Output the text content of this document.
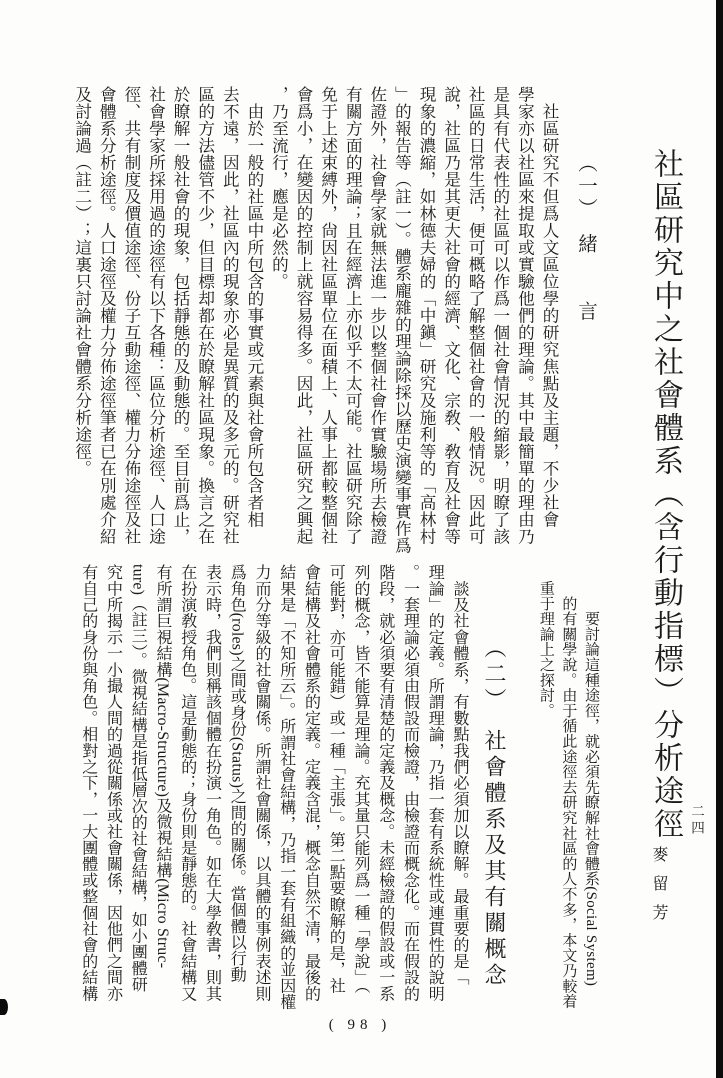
社區研究中之社會體系（含行動指標）分析途徑 二四
麥留芳
（一）　緒　　言
　社區研究不但爲人文區位學的研究焦點及主題，不少社會
學家亦以社區來提取或實驗他們的理論。其中最簡單的理由乃
是具有代表性的社區可以作爲一個社會情況的縮影，明瞭了該
社區的日常生活，便可概略了解整個社會的一般情況。因此可
說，社區乃是其更大社會的經濟、文化、宗敎、敎育及社會等
現象的濃縮，如林德夫婦的「中鎭」研究及施利等的「高林村
」的報告等（註一）。體系龐雜的理論除採以歷史演變事實作爲
佐證外，社會學家就無法進一步以整個社會作實驗場所去檢證
有關方面的理論；且在經濟上亦似乎不太可能。社區研究除了
免于上述束縛外，尙因社區單位在面積上、人事上都較整個社
會爲小，在變因的控制上就容易得多。因此，社區研究之興起
，乃至流行，應是必然的。
　由於一般的社區中所包含的事實或元素與社會所包含者相
去不遠，因此，社區內的現象亦必是異質的及多元的。研究社
區的方法儘管不少，但目標却都在於瞭解社區現象。換言之在
於瞭解一般社會的現象，包括靜態的及動態的。至目前爲止，
社會學家所採用過的途徑有以下各種：區位分析途徑、人口途
徑、共有制度及價值途徑、份子互動途徑、權力分佈途徑及社
會體系分析途徑。人口途徑及權力分佈途徑筆者已在別處介紹
及討論過（註二）；這裏只討論社會體系分析途徑。
　　　要討論這種途徑，就必須先瞭解社會體系(Social System)
　　的有關學說。由于循此途徑去研究社區的人不多，本文乃較着
　重于理論上之探討。
（二）　社會體系及其有關概念
　談及社會體系，有數點我們必須加以瞭解。最重要的是「
理論」的定義。所謂理論，乃指一套有系統性或連貫性的說明
。一套理論必須由假設而檢證，由檢證而概念化。而在假設的
階段，就必須要有清楚的定義及概念。未經檢證的假設或一系
列的概念，皆不能算是理論。充其量只能列爲一種「學說」（
可能對，亦可能錯）或一種「主張」。第二點要瞭解的是，社
會結構及社會體系的定義。定義含混，概念自然不清，最後的
結果是「不知所云」。所謂社會結構，乃指一套有組織的並因權
力而分等級的社會關係。所謂社會關係，以具體的事例表述則
爲角色(roles)之間或身份(Status)之間的關係。當個體以行動
表示時，我們則稱該個體在扮演一角色。如在大學敎書，則其
在扮演敎授角色。這是動態的；身份則是靜態的。社會結構又
有所謂巨視結構(Macro-Structure)及微視結構(Micro Struc-
ture)（註三）。微視結構是指低層次的社會結構，如小團體研
究中所揭示一小撮人間的過從關係或社會關係，因他們之間亦
有自己的身份與角色。相對之下，一大團體或整個社會的結構
( 98 )
